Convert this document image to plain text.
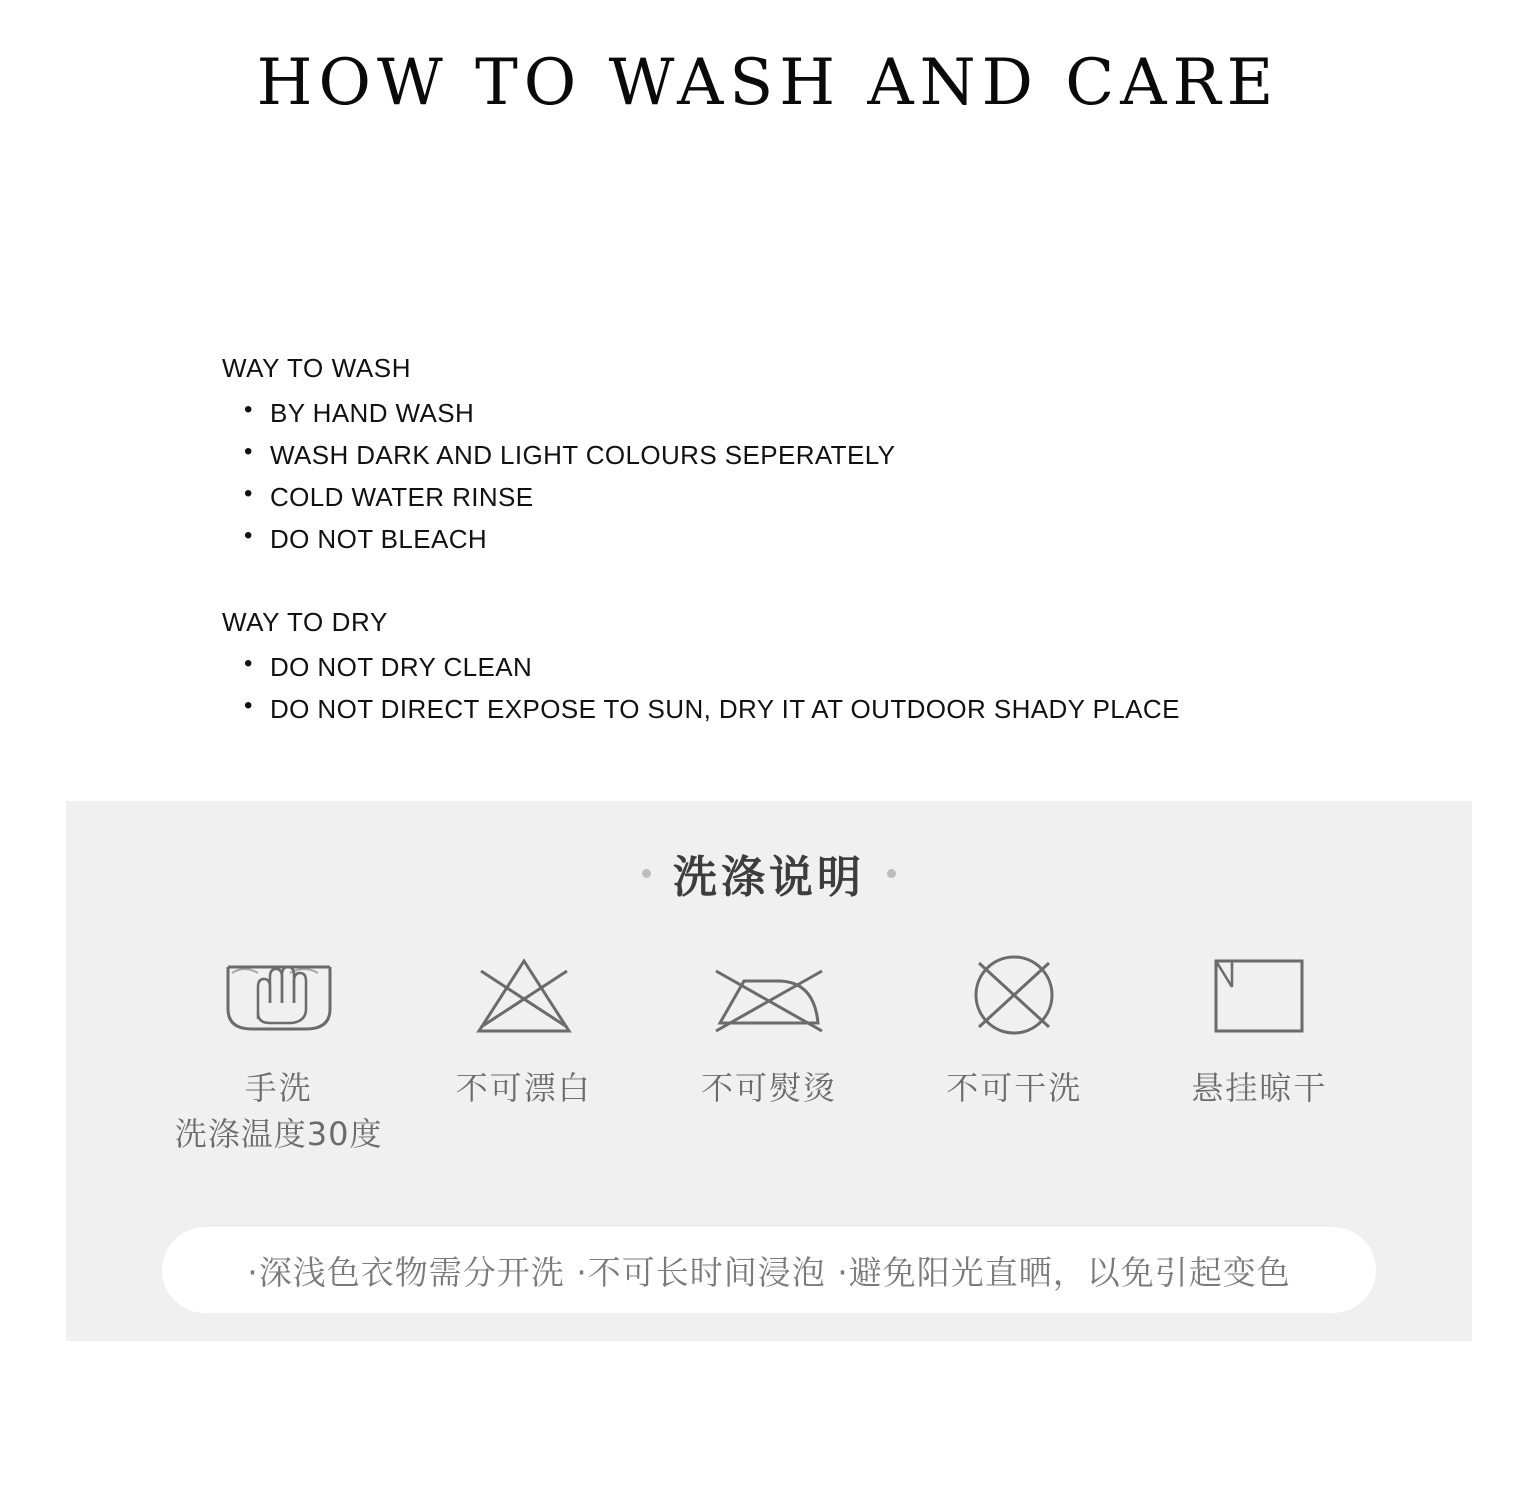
HOW TO WASH AND CARE

WAY TO WASH

• BY HAND WASH
• WASH DARK AND LIGHT COLOURS SEPERATELY
• COLD WATER RINSE
• DO NOT BLEACH

WAY TO DRY

• DO NOT DRY CLEAN
• DO NOT DIRECT EXPOSE TO SUN, DRY IT AT OUTDOOR SHADY PLACE
洗涤说明
手洗
洗涤温度30度
不可漂白	不可熨烫	不可干洗	悬挂晾干
·深浅色衣物需分开洗 ·不可长时间浸泡 ·避免阳光直晒，以免引起变色
